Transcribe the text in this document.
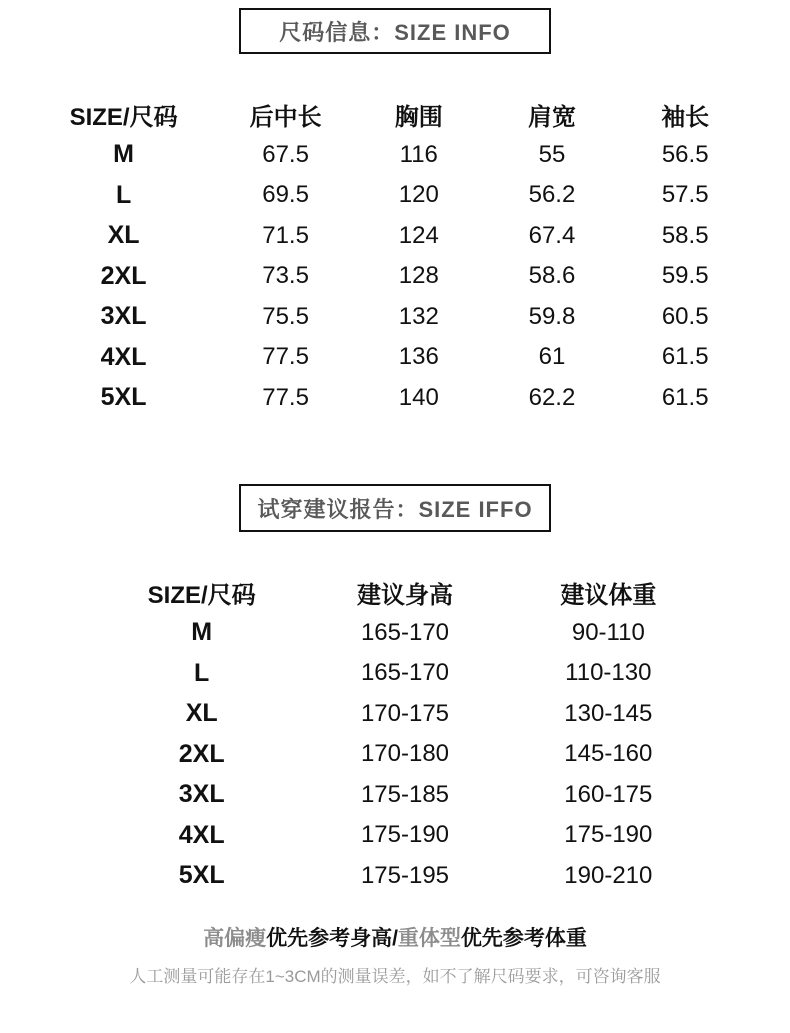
尺码信息：SIZE INFO
SIZE/尺码	后中长	胸围	肩宽	袖长
M	67.5	116	55	56.5
L	69.5	120	56.2	57.5
XL	71.5	124	67.4	58.5
2XL	73.5	128	58.6	59.5
3XL	75.5	132	59.8	60.5
4XL	77.5	136	61	61.5
5XL	77.5	140	62.2	61.5
试穿建议报告：SIZE IFFO
SIZE/尺码	建议身高	建议体重
M	165-170	90-110
L	165-170	110-130
XL	170-175	130-145
2XL	170-180	145-160
3XL	175-185	160-175
4XL	175-190	175-190
5XL	175-195	190-210
高偏瘦优先参考身高/重体型优先参考体重
人工测量可能存在1~3CM的测量误差，如不了解尺码要求，可咨询客服
